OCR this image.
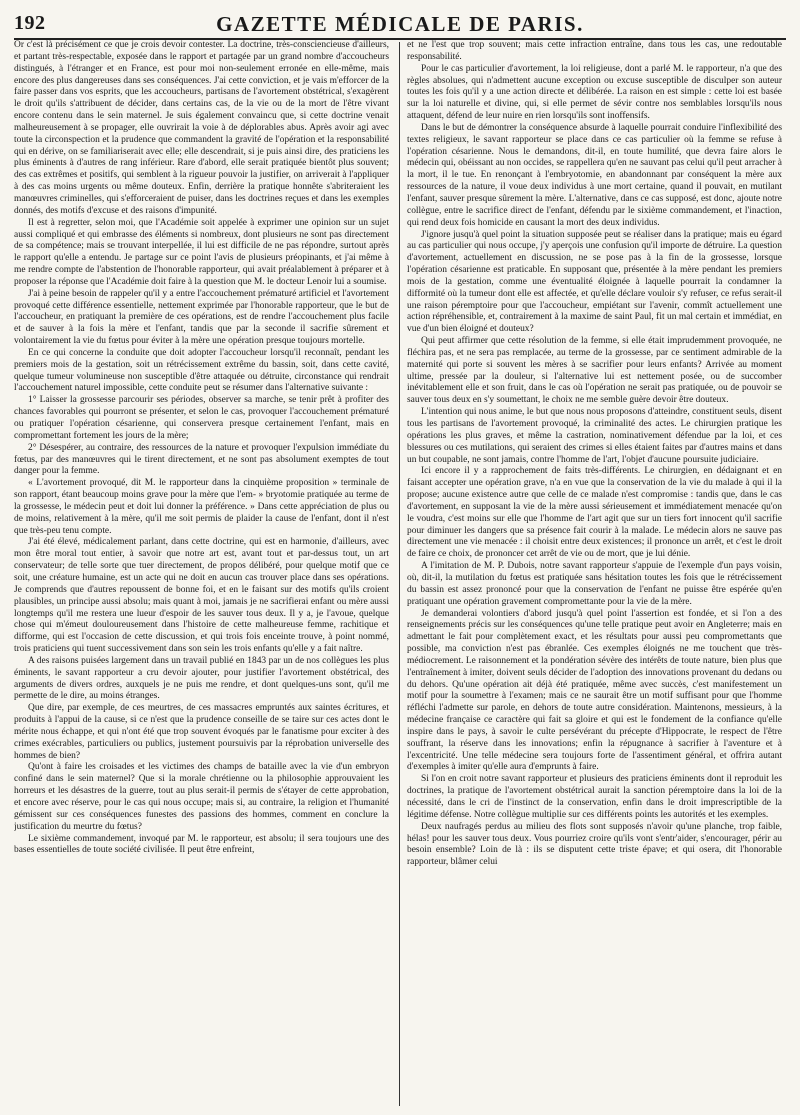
192	GAZETTE MÉDICALE DE PARIS.

Or c'est là précisément ce que je crois devoir contester. La doctrine, très-consciencieuse d'ailleurs, et partant très-respectable, exposée dans le rapport et partagée par un grand nombre d'accoucheurs distingués, à l'étranger et en France, est pour moi non-seulement erronée en elle-même, mais encore des plus dangereuses dans ses conséquences. J'ai cette conviction, et je vais m'efforcer de la faire passer dans vos esprits, que les accoucheurs, partisans de l'avortement obstétrical, s'exagèrent le droit qu'ils s'attribuent de décider, dans certains cas, de la vie ou de la mort de l'être vivant encore contenu dans le sein maternel. Je suis également convaincu que, si cette doctrine venait malheureusement à se propager, elle ouvrirait la voie à de déplorables abus. Après avoir agi avec toute la circonspection et la prudence que commandent la gravité de l'opération et la responsabilité qui en dérive, on se familiariserait avec elle; elle descendrait, si je puis ainsi dire, des praticiens les plus éminents à d'autres de rang inférieur. Rare d'abord, elle serait pratiquée bientôt plus souvent; des cas extrêmes et positifs, qui semblent à la rigueur pouvoir la justifier, on arriverait à l'appliquer à des cas moins urgents ou même douteux. Enfin, derrière la pratique honnête s'abriteraient les manœuvres criminelles, qui s'efforceraient de puiser, dans les doctrines reçues et dans les exemples donnés, des motifs d'excuse et des raisons d'impunité.

Il est à regretter, selon moi, que l'Académie soit appelée à exprimer une opinion sur un sujet aussi compliqué et qui embrasse des éléments si nombreux, dont plusieurs ne sont pas directement de sa compétence; mais se trouvant interpellée, il lui est difficile de ne pas répondre, surtout après le rapport qu'elle a entendu. Je partage sur ce point l'avis de plusieurs préopinants, et j'ai même à me rendre compte de l'abstention de l'honorable rapporteur, qui avait préalablement à préparer et à proposer la réponse que l'Académie doit faire à la question que M. le docteur Lenoir lui a soumise.

J'ai à peine besoin de rappeler qu'il y a entre l'accouchement prématuré artificiel et l'avortement provoqué cette différence essentielle, nettement exprimée par l'honorable rapporteur, que le but de l'accoucheur, en pratiquant la première de ces opérations, est de rendre l'accouchement plus facile et de sauver à la fois la mère et l'enfant, tandis que par la seconde il sacrifie sûrement et volontairement la vie du fœtus pour éviter à la mère une opération presque toujours mortelle.

En ce qui concerne la conduite que doit adopter l'accoucheur lorsqu'il reconnaît, pendant les premiers mois de la gestation, soit un rétrécissement extrême du bassin, soit, dans cette cavité, quelque tumeur volumineuse non susceptible d'être attaquée ou détruite, circonstance qui rendrait l'accouchement naturel impossible, cette conduite peut se résumer dans l'alternative suivante :

1° Laisser la grossesse parcourir ses périodes, observer sa marche, se tenir prêt à profiter des chances favorables qui pourront se présenter, et selon le cas, provoquer l'accouchement prématuré ou pratiquer l'opération césarienne, qui conservera presque certainement l'enfant, mais en compromettant fortement les jours de la mère;

2° Désespérer, au contraire, des ressources de la nature et provoquer l'expulsion immédiate du fœtus, par des manœuvres qui le tirent directement, et ne sont pas absolument exemptes de tout danger pour la femme.

« L'avortement provoqué, dit M. le rapporteur dans la cinquième proposition » terminale de son rapport, étant beaucoup moins grave pour la mère que l'em- » bryotomie pratiquée au terme de la grossesse, le médecin peut et doit lui donner la préférence. » Dans cette appréciation de plus ou de moins, relativement à la mère, qu'il me soit permis de plaider la cause de l'enfant, dont il n'est que très-peu tenu compte.

J'ai été élevé, médicalement parlant, dans cette doctrine, qui est en harmonie, d'ailleurs, avec mon être moral tout entier, à savoir que notre art est, avant tout et par-dessus tout, un art conservateur; de telle sorte que tuer directement, de propos délibéré, pour quelque motif que ce soit, une créature humaine, est un acte qui ne doit en aucun cas trouver place dans ses opérations. Je comprends que d'autres repoussent de bonne foi, et en le faisant sur des motifs qu'ils croient plausibles, un principe aussi absolu; mais quant à moi, jamais je ne sacrifierai enfant ou mère aussi longtemps qu'il me restera une lueur d'espoir de les sauver tous deux. Il y a, je l'avoue, quelque chose qui m'émeut douloureusement dans l'histoire de cette malheureuse femme, rachitique et difforme, qui est l'occasion de cette discussion, et qui trois fois enceinte trouve, à point nommé, trois praticiens qui tuent successivement dans son sein les trois enfants qu'elle y a fait naître.

A des raisons puisées largement dans un travail publié en 1843 par un de nos collègues les plus éminents, le savant rapporteur a cru devoir ajouter, pour justifier l'avortement obstétrical, des arguments de divers ordres, auxquels je ne puis me rendre, et dont quelques-uns sont, qu'il me permette de le dire, au moins étranges.

Que dire, par exemple, de ces meurtres, de ces massacres empruntés aux saintes écritures, et produits à l'appui de la cause, si ce n'est que la prudence conseille de se taire sur ces actes dont le mérite nous échappe, et qui n'ont été que trop souvent évoqués par le fanatisme pour exciter à des crimes exécrables, particuliers ou publics, justement poursuivis par la réprobation universelle des hommes de bien?

Qu'ont à faire les croisades et les victimes des champs de bataille avec la vie d'un embryon confiné dans le sein maternel? Que si la morale chrétienne ou la philosophie approuvaient les horreurs et les désastres de la guerre, tout au plus serait-il permis de s'étayer de cette approbation, et encore avec réserve, pour le cas qui nous occupe; mais si, au contraire, la religion et l'humanité gémissent sur ces conséquences funestes des passions des hommes, comment en conclure la justification du meurtre du fœtus?

Le sixième commandement, invoqué par M. le rapporteur, est absolu; il sera toujours une des bases essentielles de toute société civilisée. Il peut être enfreint,

et ne l'est que trop souvent; mais cette infraction entraîne, dans tous les cas, une redoutable responsabilité.

Pour le cas particulier d'avortement, la loi religieuse, dont a parlé M. le rapporteur, n'a que des règles absolues, qui n'admettent aucune exception ou excuse susceptible de disculper son auteur toutes les fois qu'il y a une action directe et délibérée. La raison en est simple : cette loi est basée sur la loi naturelle et divine, qui, si elle permet de sévir contre nos semblables lorsqu'ils nous attaquent, défend de leur nuire en rien lorsqu'ils sont inoffensifs.

Dans le but de démontrer la conséquence absurde à laquelle pourrait conduire l'inflexibilité des textes religieux, le savant rapporteur se place dans ce cas particulier où la femme se refuse à l'opération césarienne. Nous le demandons, dit-il, en toute humilité, que devra faire alors le médecin qui, obéissant au non occides, se rappellera qu'en ne sauvant pas celui qu'il peut arracher à la mort, il le tue. En renonçant à l'embryotomie, en abandonnant par conséquent la mère aux ressources de la nature, il voue deux individus à une mort certaine, quand il pouvait, en mutilant l'enfant, sauver presque sûrement la mère. L'alternative, dans ce cas supposé, est donc, ajoute notre collègue, entre le sacrifice direct de l'enfant, défendu par le sixième commandement, et l'inaction, qui rend deux fois homicide en causant la mort des deux individus.

J'ignore jusqu'à quel point la situation supposée peut se réaliser dans la pratique; mais eu égard au cas particulier qui nous occupe, j'y aperçois une confusion qu'il importe de détruire. La question d'avortement, actuellement en discussion, ne se pose pas à la fin de la grossesse, lorsque l'opération césarienne est praticable. En supposant que, présentée à la mère pendant les premiers mois de la gestation, comme une éventualité éloignée à laquelle pourrait la condamner la difformité où la tumeur dont elle est affectée, et qu'elle déclare vouloir s'y refuser, ce refus serait-il une raison péremptoire pour que l'accoucheur, empiétant sur l'avenir, commît actuellement une action répréhensible, et, contrairement à la maxime de saint Paul, fit un mal certain et immédiat, en vue d'un bien éloigné et douteux?

Qui peut affirmer que cette résolution de la femme, si elle était imprudemment provoquée, ne fléchira pas, et ne sera pas remplacée, au terme de la grossesse, par ce sentiment admirable de la maternité qui porte si souvent les mères à se sacrifier pour leurs enfants? Arrivée au moment ultime, pressée par la douleur, si l'alternative lui est nettement posée, ou de succomber inévitablement elle et son fruit, dans le cas où l'opération ne serait pas pratiquée, ou de pouvoir se sauver tous deux en s'y soumettant, le choix ne me semble guère devoir être douteux.

L'intention qui nous anime, le but que nous nous proposons d'atteindre, constituent seuls, disent tous les partisans de l'avortement provoqué, la criminalité des actes. Le chirurgien pratique les opérations les plus graves, et même la castration, nominativement défendue par la loi, et ces blessures ou ces mutilations, qui seraient des crimes si elles étaient faites par d'autres mains et dans un but coupable, ne sont jamais, contre l'homme de l'art, l'objet d'aucune poursuite judiciaire.

Ici encore il y a rapprochement de faits très-différents. Le chirurgien, en dédaignant et en faisant accepter une opération grave, n'a en vue que la conservation de la vie du malade à qui il la propose; aucune existence autre que celle de ce malade n'est compromise : tandis que, dans le cas d'avortement, en supposant la vie de la mère aussi sérieusement et immédiatement menacée qu'on le voudra, c'est moins sur elle que l'homme de l'art agit que sur un tiers fort innocent qu'il sacrifie pour diminuer les dangers que sa présence fait courir à la malade. Le médecin alors ne sauve pas directement une vie menacée : il choisit entre deux existences; il prononce un arrêt, et c'est le droit de faire ce choix, de prononcer cet arrêt de vie ou de mort, que je lui dénie.

A l'imitation de M. P. Dubois, notre savant rapporteur s'appuie de l'exemple d'un pays voisin, où, dit-il, la mutilation du fœtus est pratiquée sans hésitation toutes les fois que le rétrécissement du bassin est assez prononcé pour que la conservation de l'enfant ne puisse être espérée qu'en pratiquant une opération gravement compromettante pour la vie de la mère.

Je demanderai volontiers d'abord jusqu'à quel point l'assertion est fondée, et si l'on a des renseignements précis sur les conséquences qu'une telle pratique peut avoir en Angleterre; mais en admettant le fait pour complètement exact, et les résultats pour aussi peu compromettants que possible, ma conviction n'est pas ébranlée. Ces exemples éloignés ne me touchent que très-médiocrement. Le raisonnement et la pondération sévère des intérêts de toute nature, bien plus que l'entraînement à imiter, doivent seuls décider de l'adoption des innovations provenant du dedans ou du dehors. Qu'une opération ait déjà été pratiquée, même avec succès, c'est manifestement un motif pour la soumettre à l'examen; mais ce ne saurait être un motif suffisant pour que l'homme réfléchi l'admette sur parole, en dehors de toute autre considération. Maintenons, messieurs, à la médecine française ce caractère qui fait sa gloire et qui est le fondement de la confiance qu'elle inspire dans le pays, à savoir le culte persévérant du précepte d'Hippocrate, le respect de l'être souffrant, la réserve dans les innovations; enfin la répugnance à sacrifier à l'aventure et à l'excentricité. Une telle médecine sera toujours forte de l'assentiment général, et offrira autant d'exemples à imiter qu'elle aura d'emprunts à faire.

Si l'on en croit notre savant rapporteur et plusieurs des praticiens éminents dont il reproduit les doctrines, la pratique de l'avortement obstétrical aurait la sanction péremptoire dans la loi de la nécessité, dans le cri de l'instinct de la conservation, enfin dans le droit imprescriptible de la légitime défense. Notre collègue multiplie sur ces différents points les autorités et les exemples.

Deux naufragés perdus au milieu des flots sont supposés n'avoir qu'une planche, trop faible, hélas! pour les sauver tous deux. Vous pourriez croire qu'ils vont s'entr'aider, s'encourager, périr au besoin ensemble? Loin de là : ils se disputent cette triste épave; et qui osera, dit l'honorable rapporteur, blâmer celui
